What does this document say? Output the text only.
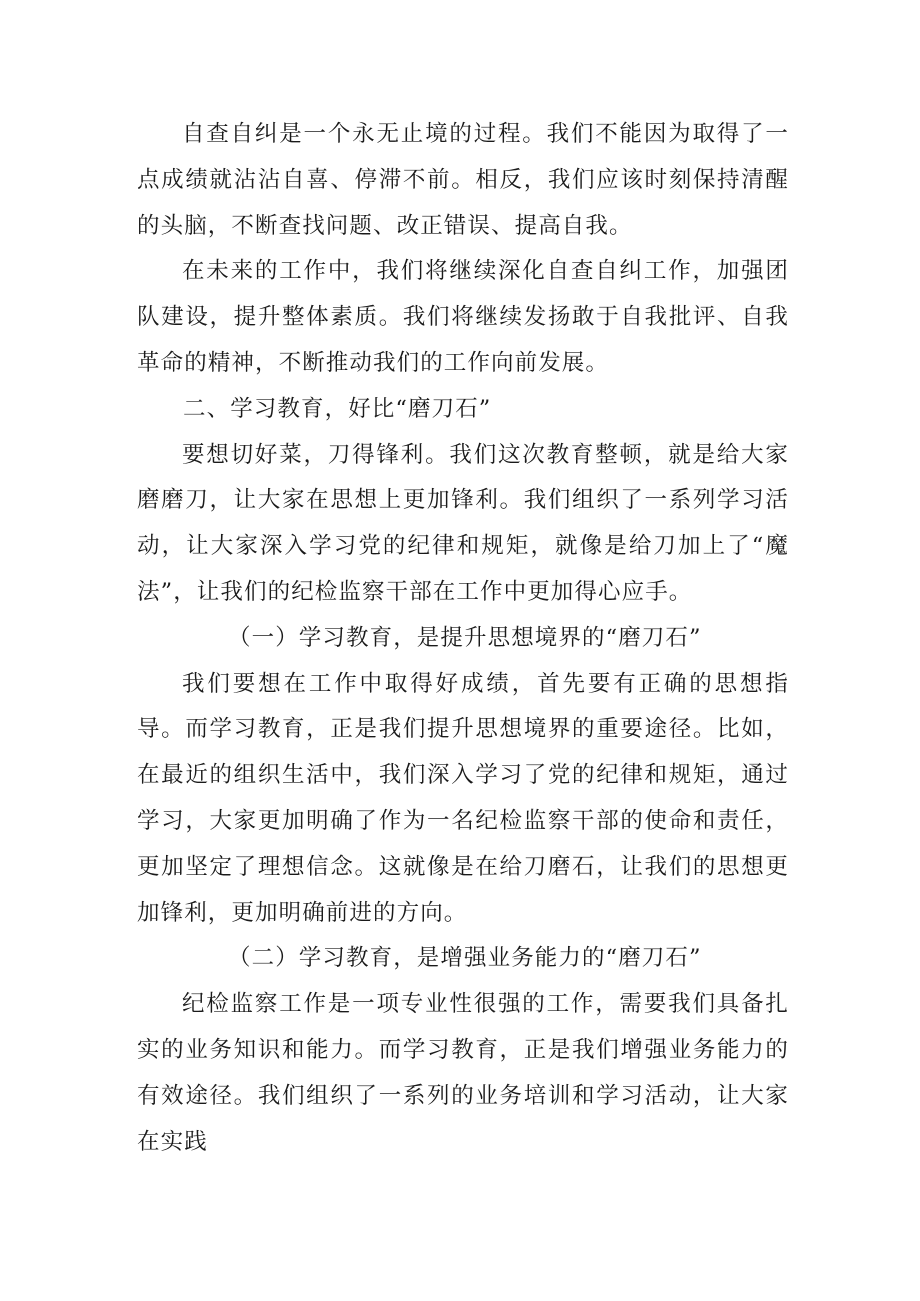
自查自纠是一个永无止境的过程。我们不能因为取得了一点成绩就沾沾自喜、停滞不前。相反，我们应该时刻保持清醒的头脑，不断查找问题、改正错误、提高自我。

在未来的工作中，我们将继续深化自查自纠工作，加强团队建设，提升整体素质。我们将继续发扬敢于自我批评、自我革命的精神，不断推动我们的工作向前发展。

二、学习教育，好比“磨刀石”

要想切好菜，刀得锋利。我们这次教育整顿，就是给大家磨磨刀，让大家在思想上更加锋利。我们组织了一系列学习活动，让大家深入学习党的纪律和规矩，就像是给刀加上了“魔法”，让我们的纪检监察干部在工作中更加得心应手。

（一）学习教育，是提升思想境界的“磨刀石”

我们要想在工作中取得好成绩，首先要有正确的思想指导。而学习教育，正是我们提升思想境界的重要途径。比如，在最近的组织生活中，我们深入学习了党的纪律和规矩，通过学习，大家更加明确了作为一名纪检监察干部的使命和责任，更加坚定了理想信念。这就像是在给刀磨石，让我们的思想更加锋利，更加明确前进的方向。

（二）学习教育，是增强业务能力的“磨刀石”

纪检监察工作是一项专业性很强的工作，需要我们具备扎实的业务知识和能力。而学习教育，正是我们增强业务能力的有效途径。我们组织了一系列的业务培训和学习活动，让大家在实践
